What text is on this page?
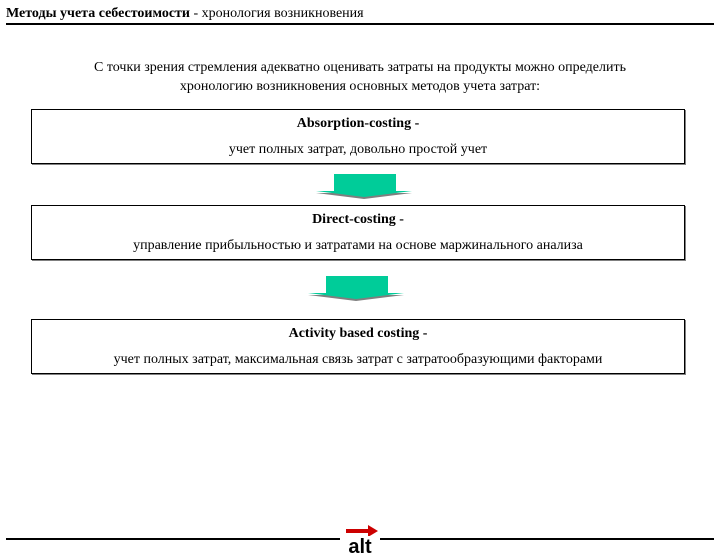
Методы учета себестоимости - хронология возникновения
С точки зрения стремления адекватно оценивать затраты на продукты можно определить
хронологию возникновения основных методов учета затрат:
Absorption-costing -
учет полных затрат, довольно простой учет
Direct-costing -
управление прибыльностью и затратами на основе маржинального анализа
Activity based costing -
учет полных затрат, максимальная связь затрат с затратообразующими факторами
alt
